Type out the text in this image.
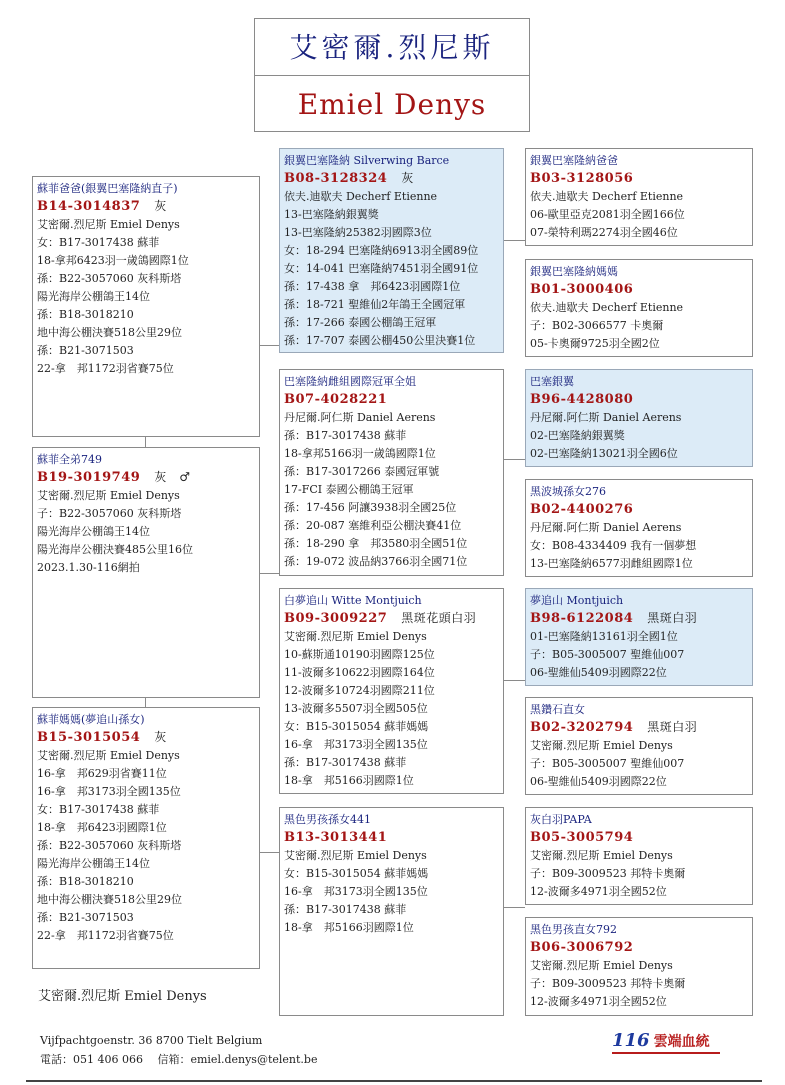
艾密爾.烈尼斯
Emiel Denys
蘇菲爸爸(銀翼巴塞隆納直子)
B14-3014837 灰
艾密爾.烈尼斯 Emiel Denys
女：B17-3017438 蘇菲
18-拿邦6423羽一歲鴿國際1位
孫：B22-3057060 灰科斯塔
陽光海岸公棚鴿王14位
孫：B18-3018210
地中海公棚決賽518公里29位
孫：B21-3071503
22-拿　邦1172羽省賽75位
蘇菲全弟749
B19-3019749 灰　♂
艾密爾.烈尼斯 Emiel Denys
子：B22-3057060 灰科斯塔
陽光海岸公棚鴿王14位
陽光海岸公棚決賽485公里16位
2023.1.30-116網拍
蘇菲媽媽(夢追山孫女)
B15-3015054 灰
艾密爾.烈尼斯 Emiel Denys
16-拿　邦629羽省賽11位
16-拿　邦3173羽全國135位
女：B17-3017438 蘇菲
18-拿　邦6423羽國際1位
孫：B22-3057060 灰科斯塔
陽光海岸公棚鴿王14位
孫：B18-3018210
地中海公棚決賽518公里29位
孫：B21-3071503
22-拿　邦1172羽省賽75位
銀翼巴塞隆納 Silverwing Barce
B08-3128324 灰
依夫.迪歇夫 Decherf Etienne
13-巴塞隆納銀翼獎
13-巴塞隆納25382羽國際3位
女：18-294 巴塞隆納6913羽全國89位
女：14-041 巴塞隆納7451羽全國91位
孫：17-438 拿　邦6423羽國際1位
孫：18-721 聖維仙2年鴿王全國冠軍
孫：17-266 泰國公棚鴿王冠軍
孫：17-707 泰國公棚450公里決賽1位
巴塞隆納雌組國際冠軍全姐
B07-4028221
丹尼爾.阿仁斯 Daniel Aerens
孫：B17-3017438 蘇菲
18-拿邦5166羽一歲鴿國際1位
孫：B17-3017266 泰國冠軍號
17-FCI 泰國公棚鴿王冠軍
孫：17-456 阿讓3938羽全國25位
孫：20-087 塞維利亞公棚決賽41位
孫：18-290 拿　邦3580羽全國51位
孫：19-072 波品納3766羽全國71位
白夢追山 Witte Montjuich
B09-3009227 黑斑花頭白羽
艾密爾.烈尼斯 Emiel Denys
10-蘇斯通10190羽國際125位
11-波爾多10622羽國際164位
12-波爾多10724羽國際211位
13-波爾多5507羽全國505位
女：B15-3015054 蘇菲媽媽
16-拿　邦3173羽全國135位
孫：B17-3017438 蘇菲
18-拿　邦5166羽國際1位
黑色男孩孫女441
B13-3013441
艾密爾.烈尼斯 Emiel Denys
女：B15-3015054 蘇菲媽媽
16-拿　邦3173羽全國135位
孫：B17-3017438 蘇菲
18-拿　邦5166羽國際1位
銀翼巴塞隆納爸爸
B03-3128056
依夫.迪歇夫 Decherf Etienne
06-歐里亞克2081羽全國166位
07-榮特利瑪2274羽全國46位
銀翼巴塞隆納媽媽
B01-3000406
依夫.迪歇夫 Decherf Etienne
子：B02-3066577 卡奧爾
05-卡奧爾9725羽全國2位
巴塞銀翼
B96-4428080
丹尼爾.阿仁斯 Daniel Aerens
02-巴塞隆納銀翼獎
02-巴塞隆納13021羽全國6位
黑波城孫女276
B02-4400276
丹尼爾.阿仁斯 Daniel Aerens
女：B08-4334409 我有一個夢想
13-巴塞隆納6577羽雌組國際1位
夢追山 Montjuich
B98-6122084 黑斑白羽
01-巴塞隆納13161羽全國1位
子：B05-3005007 聖維仙007
06-聖維仙5409羽國際22位
黑鑽石直女
B02-3202794 黑斑白羽
艾密爾.烈尼斯 Emiel Denys
子：B05-3005007 聖維仙007
06-聖維仙5409羽國際22位
灰白羽PAPA
B05-3005794
艾密爾.烈尼斯 Emiel Denys
子：B09-3009523 邦特卡奧爾
12-波爾多4971羽全國52位
黑色男孩直女792
B06-3006792
艾密爾.烈尼斯 Emiel Denys
子：B09-3009523 邦特卡奧爾
12-波爾多4971羽全國52位
艾密爾.烈尼斯 Emiel Denys
Vijfpachtgoenstr. 36 8700 Tielt Belgium
電話：051 406 066　 信箱：emiel.denys@telent.be
116 雲端血統
